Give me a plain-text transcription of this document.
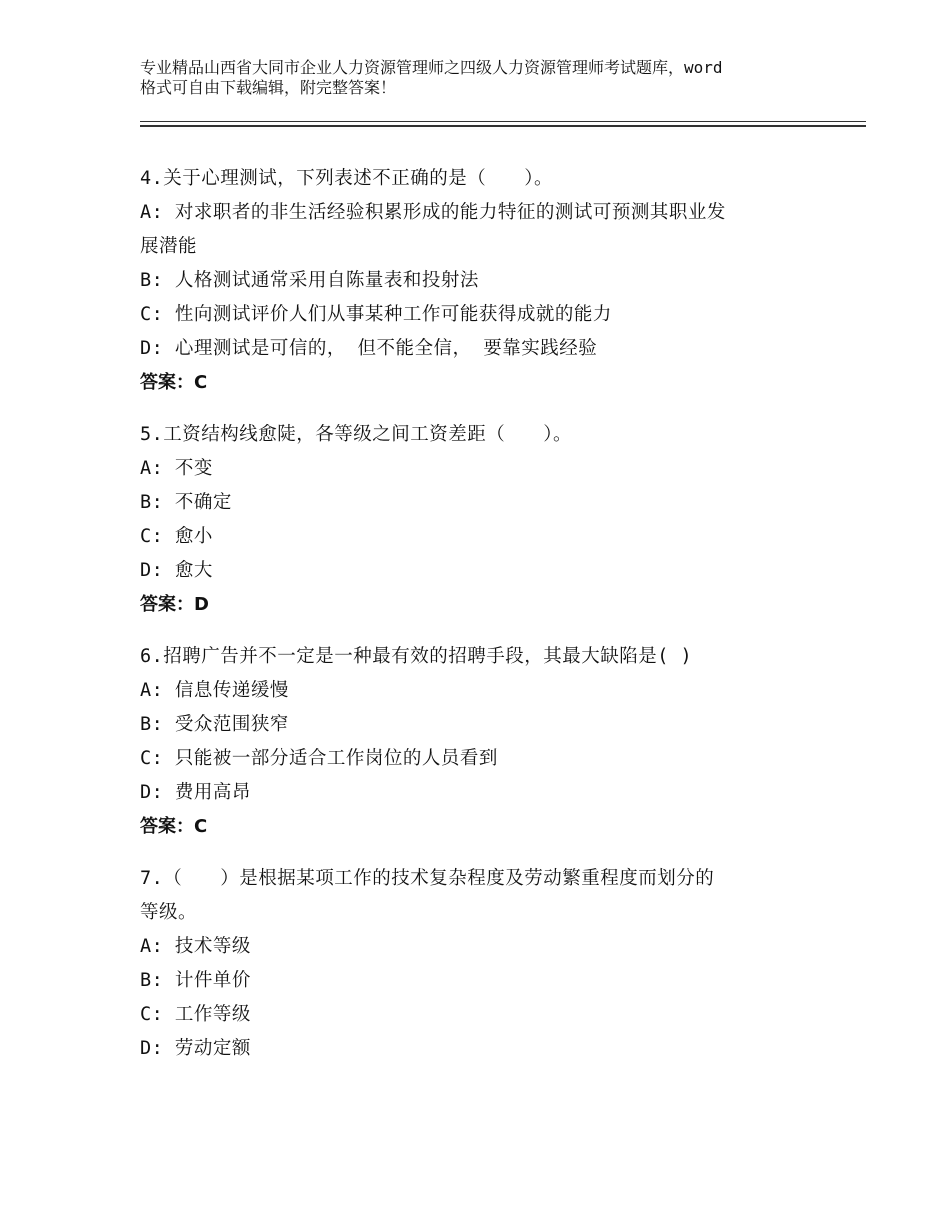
专业精品山西省大同市企业人力资源管理师之四级人力资源管理师考试题库，word
格式可自由下载编辑，附完整答案！
4.关于心理测试，下列表述不正确的是（　　）。
A: 对求职者的非生活经验积累形成的能力特征的测试可预测其职业发
展潜能
B: 人格测试通常采用自陈量表和投射法
C: 性向测试评价人们从事某种工作可能获得成就的能力
D: 心理测试是可信的， 但不能全信， 要靠实践经验
答案：C
5.工资结构线愈陡，各等级之间工资差距（　　）。
A: 不变
B: 不确定
C: 愈小
D: 愈大
答案：D
6.招聘广告并不一定是一种最有效的招聘手段，其最大缺陷是( )
A: 信息传递缓慢
B: 受众范围狭窄
C: 只能被一部分适合工作岗位的人员看到
D: 费用高昂
答案：C
7.（　　）是根据某项工作的技术复杂程度及劳动繁重程度而划分的
等级。
A: 技术等级
B: 计件单价
C: 工作等级
D: 劳动定额
